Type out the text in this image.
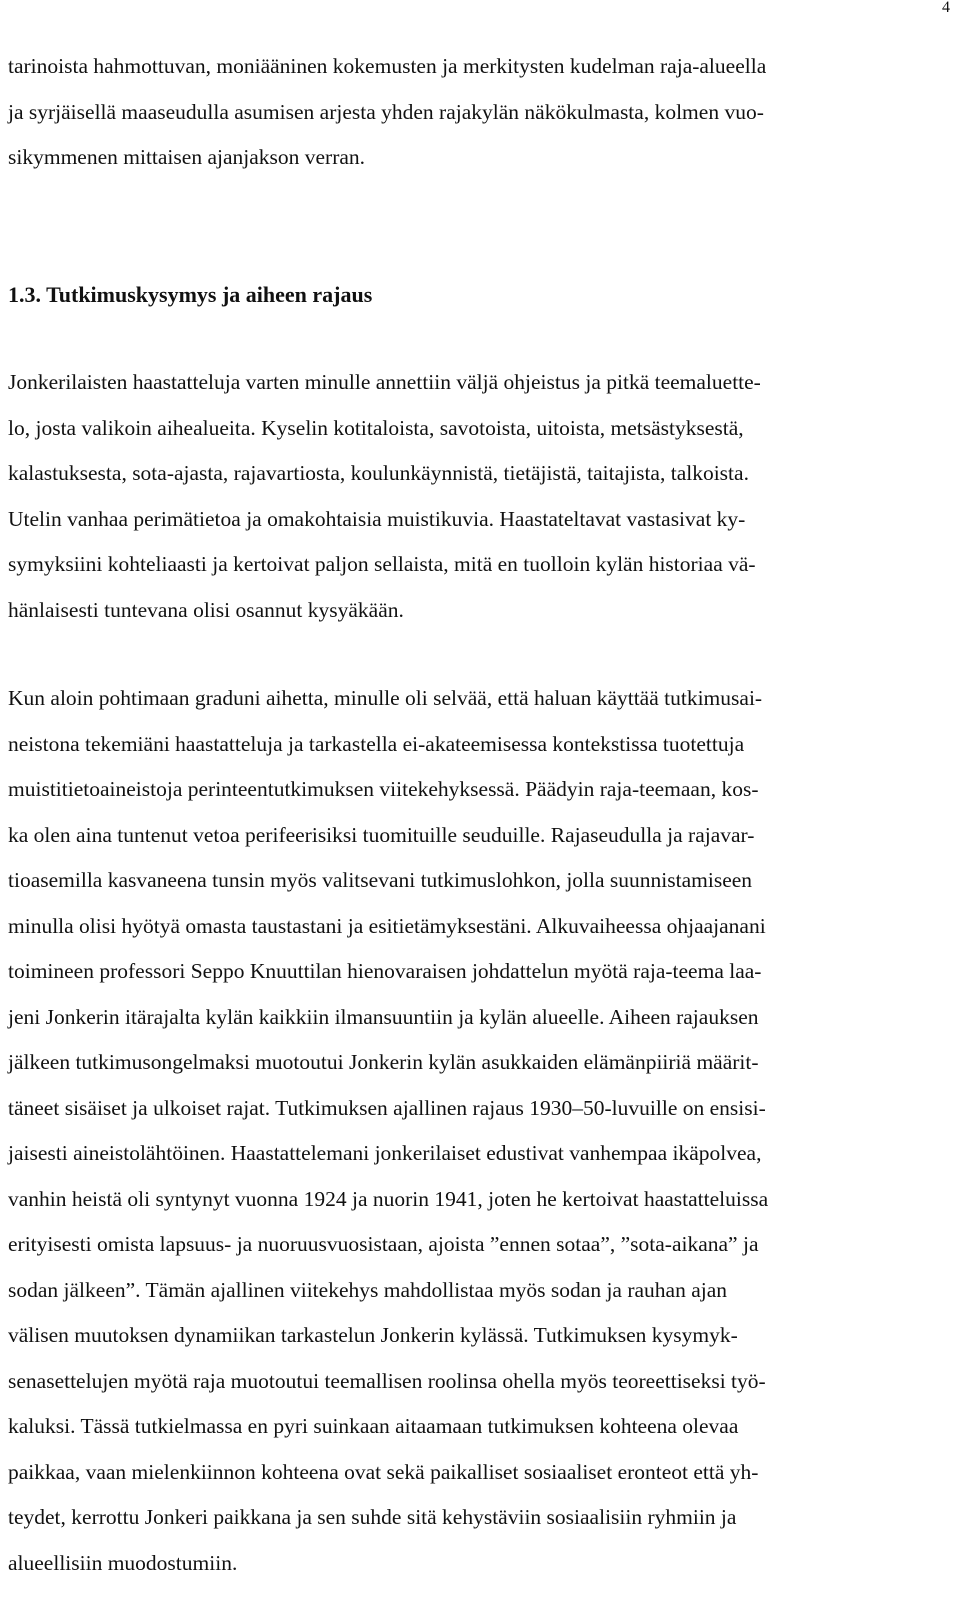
4
tarinoista hahmottuvan, moniääninen kokemusten ja merkitysten kudelman raja-alueella
ja syrjäisellä maaseudulla asumisen arjesta yhden rajakylän näkökulmasta, kolmen vuo-
sikymmenen mittaisen ajanjakson verran.
1.3. Tutkimuskysymys ja aiheen rajaus
Jonkerilaisten haastatteluja varten minulle annettiin väljä ohjeistus ja pitkä teemaluette-
lo, josta valikoin aihealueita. Kyselin kotitaloista, savotoista, uitoista, metsästyksestä,
kalastuksesta, sota-ajasta, rajavartiosta, koulunkäynnistä, tietäjistä, taitajista, talkoista.
Utelin vanhaa perimätietoa ja omakohtaisia muistikuvia. Haastateltavat vastasivat ky-
symyksiini kohteliaasti ja kertoivat paljon sellaista, mitä en tuolloin kylän historiaa vä-
hänlaisesti tuntevana olisi osannut kysyäkään.
Kun aloin pohtimaan graduni aihetta, minulle oli selvää, että haluan käyttää tutkimusai-
neistona tekemiäni haastatteluja ja tarkastella ei-akateemisessa kontekstissa tuotettuja
muistitietoaineistoja perinteentutkimuksen viitekehyksessä. Päädyin raja-teemaan, kos-
ka olen aina tuntenut vetoa perifeerisiksi tuomituille seuduille. Rajaseudulla ja rajavar-
tioasemilla kasvaneena tunsin myös valitsevani tutkimuslohkon, jolla suunnistamiseen
minulla olisi hyötyä omasta taustastani ja esitietämyksestäni. Alkuvaiheessa ohjaajanani
toimineen professori Seppo Knuuttilan hienovaraisen johdattelun myötä raja-teema laa-
jeni Jonkerin itärajalta kylän kaikkiin ilmansuuntiin ja kylän alueelle. Aiheen rajauksen
jälkeen tutkimusongelmaksi muotoutui Jonkerin kylän asukkaiden elämänpiiriä määrit-
täneet sisäiset ja ulkoiset rajat. Tutkimuksen ajallinen rajaus 1930–50-luvuille on ensisi-
jaisesti aineistolähtöinen. Haastattelemani jonkerilaiset edustivat vanhempaa ikäpolvea,
vanhin heistä oli syntynyt vuonna 1924 ja nuorin 1941, joten he kertoivat haastatteluissa
erityisesti omista lapsuus- ja nuoruusvuosistaan, ajoista ”ennen sotaa”, ”sota-aikana” ja
sodan jälkeen”. Tämän ajallinen viitekehys mahdollistaa myös sodan ja rauhan ajan
välisen muutoksen dynamiikan tarkastelun Jonkerin kylässä. Tutkimuksen kysymyk-
senasettelujen myötä raja muotoutui teemallisen roolinsa ohella myös teoreettiseksi työ-
kaluksi. Tässä tutkielmassa en pyri suinkaan aitaamaan tutkimuksen kohteena olevaa
paikkaa, vaan mielenkiinnon kohteena ovat sekä paikalliset sosiaaliset eronteot että yh-
teydet, kerrottu Jonkeri paikkana ja sen suhde sitä kehystäviin sosiaalisiin ryhmiin ja
alueellisiin muodostumiin.
